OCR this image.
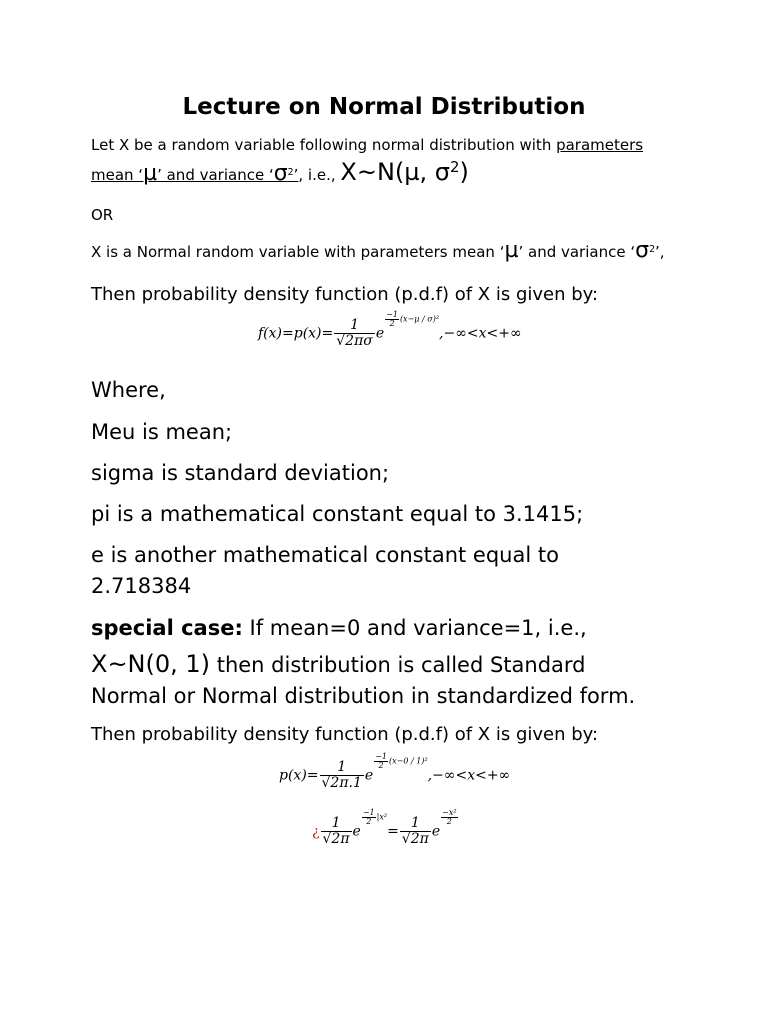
Lecture on Normal Distribution
Let X be a random variable following normal distribution with parameters
mean ‘µ’ and variance ‘$\sigma^2$’, i.e., X~N(µ, $\sigma^2$)
OR
X is a Normal random variable with parameters mean ‘µ’ and variance ‘$\sigma^2$’,
Then probability density function (p.d.f) of X is given by:
$f(x)=p(x)= \frac{1}{√2\pi\sigma}$ e
$\frac{-1}{2} (x-\mu / \sigma)^2,-\infty<x<+\infty$
Where,
Meu is mean;
sigma is standard deviation;
pi is a mathematical constant equal to 3.1415;
e is another mathematical constant equal to
2.718384
special case: If mean=0 and variance=1, i.e.,
X~N(0, 1) then distribution is called Standard
Normal or Normal distribution in standardized form.
Then probability density function (p.d.f) of X is given by:
$p(x)= \frac{1}{√2\pi.1}$ e
$\frac{-1}{2} (x-0 / 1)^2,-\infty<x<+\infty$
¿ $\frac{1}{√2\pi}$ e
$\frac{-1}{2} |x^2= \frac{1}{√2\pi}$ e
$\frac{\text{−x²}}{2}$
